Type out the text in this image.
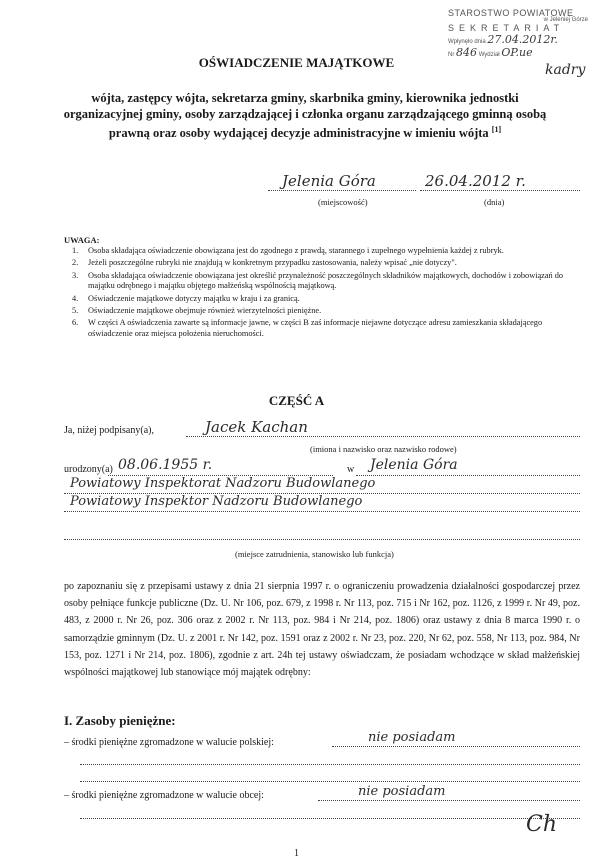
STAROSTWO POWIATOWE
w Jeleniej Górze
SEKRETARIAT
Wpłynęło dnia 27.04.2012r.
Nr 846 Wydział OP.ue
kadry
OŚWIADCZENIE MAJĄTKOWE
wójta, zastępcy wójta, sekretarza gminy, skarbnika gminy, kierownika jednostki organizacyjnej gminy, osoby zarządzającej i członka organu zarządzającego gminną osobą prawną oraz osoby wydającej decyzje administracyjne w imieniu wójta [1]
Jelenia Góra	26.04.2012 r.
(miejscowość)	(dnia)
UWAGA:
1.	Osoba składająca oświadczenie obowiązana jest do zgodnego z prawdą, starannego i zupełnego wypełnienia każdej z rubryk.
2.	Jeżeli poszczególne rubryki nie znajdują w konkretnym przypadku zastosowania, należy wpisać „nie dotyczy".
3.	Osoba składająca oświadczenie obowiązana jest określić przynależność poszczególnych składników majątkowych, dochodów i zobowiązań do majątku odrębnego i majątku objętego małżeńską wspólnością majątkową.
4.	Oświadczenie majątkowe dotyczy majątku w kraju i za granicą.
5.	Oświadczenie majątkowe obejmuje również wierzytelności pieniężne.
6.	W części A oświadczenia zawarte są informacje jawne, w części B zaś informacje niejawne dotyczące adresu zamieszkania składającego oświadczenie oraz miejsca położenia nieruchomości.
CZĘŚĆ A
Ja, niżej podpisany(a),	Jacek Kachan
(imiona i nazwisko oraz nazwisko rodowe)
urodzony(a) 08.06.1955 r.	w Jelenia Góra
Powiatowy Inspektorat Nadzoru Budowlanego
Powiatowy Inspektor Nadzoru Budowlanego
(miejsce zatrudnienia, stanowisko lub funkcja)
po zapoznaniu się z przepisami ustawy z dnia 21 sierpnia 1997 r. o ograniczeniu prowadzenia działalności gospodarczej przez osoby pełniące funkcje publiczne (Dz. U. Nr 106, poz. 679, z 1998 r. Nr 113, poz. 715 i Nr 162, poz. 1126, z 1999 r. Nr 49, poz. 483, z 2000 r. Nr 26, poz. 306 oraz z 2002 r. Nr 113, poz. 984 i Nr 214, poz. 1806) oraz ustawy z dnia 8 marca 1990 r. o samorządzie gminnym (Dz. U. z 2001 r. Nr 142, poz. 1591 oraz z 2002 r. Nr 23, poz. 220, Nr 62, poz. 558, Nr 113, poz. 984, Nr 153, poz. 1271 i Nr 214, poz. 1806), zgodnie z art. 24h tej ustawy oświadczam, że posiadam wchodzące w skład małżeńskiej wspólności majątkowej lub stanowiące mój majątek odrębny:
I. Zasoby pieniężne:
– środki pieniężne zgromadzone w walucie polskiej:	nie posiadam
– środki pieniężne zgromadzone w walucie obcej:	nie posiadam
Ch
1
